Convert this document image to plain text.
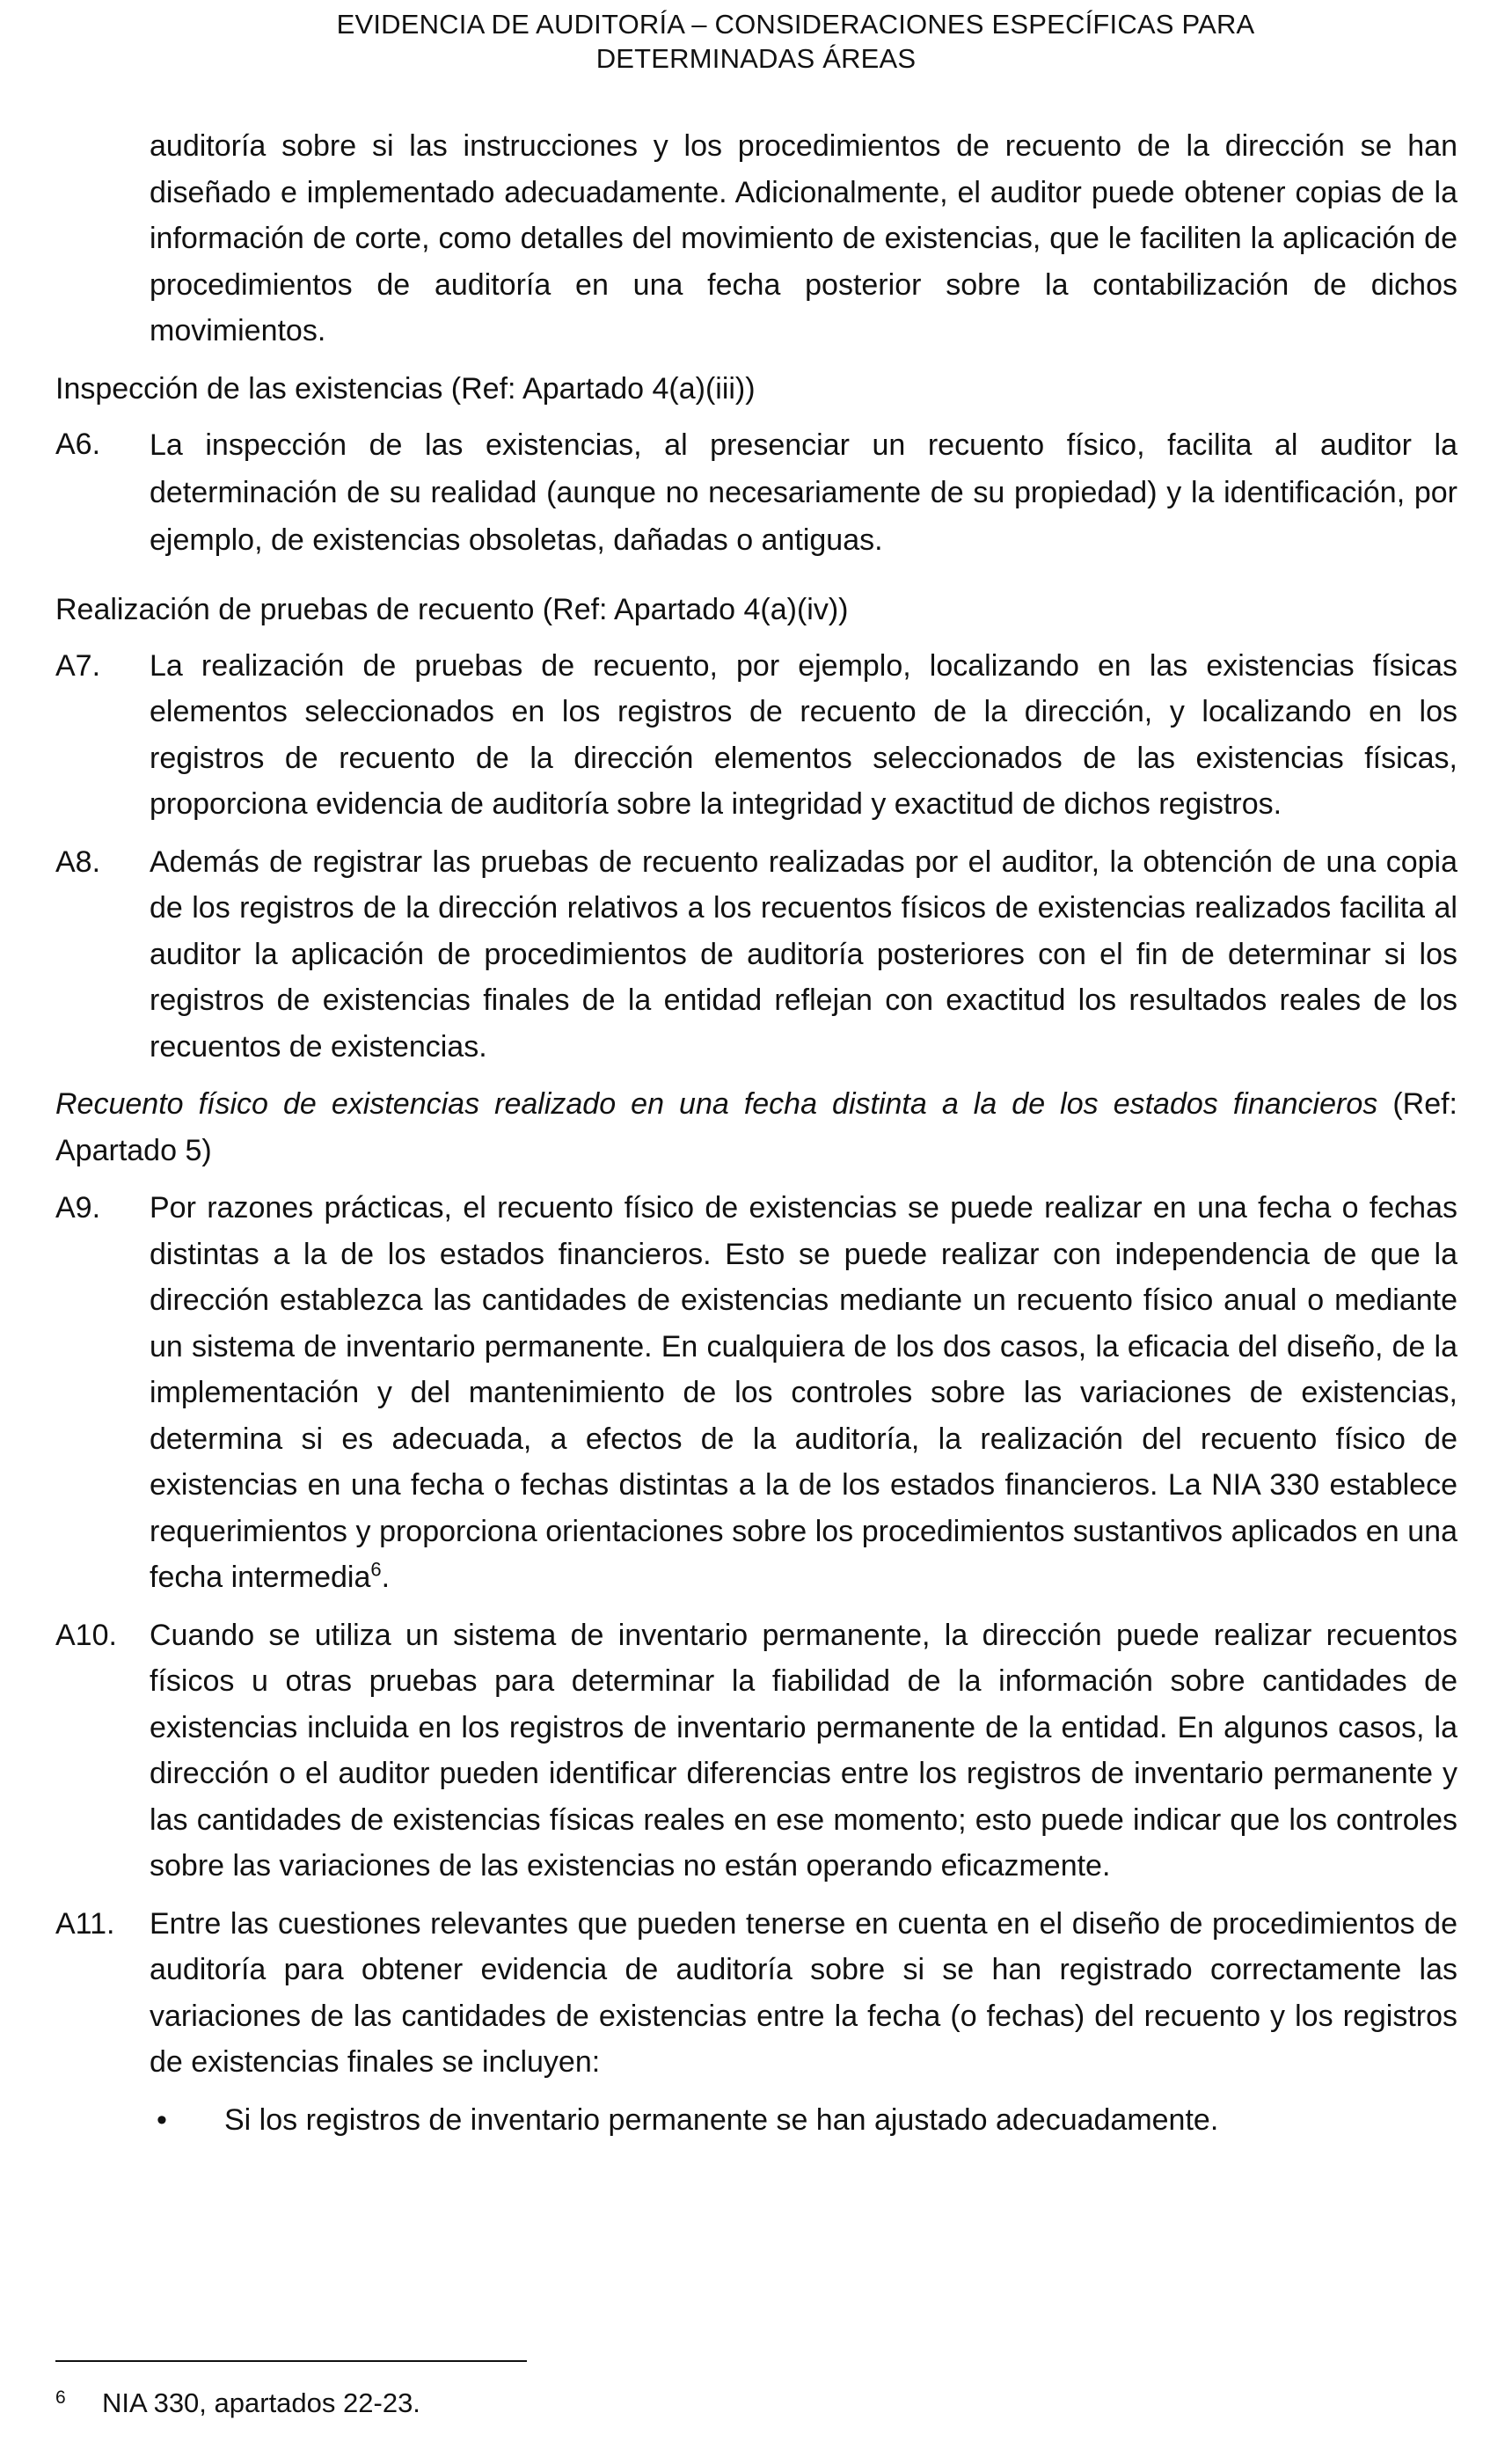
EVIDENCIA DE AUDITORÍA – CONSIDERACIONES ESPECÍFICAS PARA
DETERMINADAS ÁREAS

auditoría sobre si las instrucciones y los procedimientos de recuento de la dirección se han diseñado e implementado adecuadamente. Adicionalmente, el auditor puede obtener copias de la información de corte, como detalles del movimiento de existencias, que le faciliten la aplicación de procedimientos de auditoría en una fecha posterior sobre la contabilización de dichos movimientos.

Inspección de las existencias (Ref: Apartado 4(a)(iii))

A6.	La inspección de las existencias, al presenciar un recuento físico, facilita al auditor la determinación de su realidad (aunque no necesariamente de su propiedad) y la identificación, por ejemplo, de existencias obsoletas, dañadas o antiguas.

Realización de pruebas de recuento (Ref: Apartado 4(a)(iv))

A7.	La realización de pruebas de recuento, por ejemplo, localizando en las existencias físicas elementos seleccionados en los registros de recuento de la dirección, y localizando en los registros de recuento de la dirección elementos seleccionados de las existencias físicas, proporciona evidencia de auditoría sobre la integridad y exactitud de dichos registros.
A8.	Además de registrar las pruebas de recuento realizadas por el auditor, la obtención de una copia de los registros de la dirección relativos a los recuentos físicos de existencias realizados facilita al auditor la aplicación de procedimientos de auditoría posteriores con el fin de determinar si los registros de existencias finales de la entidad reflejan con exactitud los resultados reales de los recuentos de existencias.

Recuento físico de existencias realizado en una fecha distinta a la de los estados financieros (Ref: Apartado 5)

A9.	Por razones prácticas, el recuento físico de existencias se puede realizar en una fecha o fechas distintas a la de los estados financieros. Esto se puede realizar con independencia de que la dirección establezca las cantidades de existencias mediante un recuento físico anual o mediante un sistema de inventario permanente. En cualquiera de los dos casos, la eficacia del diseño, de la implementación y del mantenimiento de los controles sobre las variaciones de existencias, determina si es adecuada, a efectos de la auditoría, la realización del recuento físico de existencias en una fecha o fechas distintas a la de los estados financieros. La NIA 330 establece requerimientos y proporciona orientaciones sobre los procedimientos sustantivos aplicados en una fecha intermedia$^6$.
A10.	Cuando se utiliza un sistema de inventario permanente, la dirección puede realizar recuentos físicos u otras pruebas para determinar la fiabilidad de la información sobre cantidades de existencias incluida en los registros de inventario permanente de la entidad. En algunos casos, la dirección o el auditor pueden identificar diferencias entre los registros de inventario permanente y las cantidades de existencias físicas reales en ese momento; esto puede indicar que los controles sobre las variaciones de las existencias no están operando eficazmente.
A11.	Entre las cuestiones relevantes que pueden tenerse en cuenta en el diseño de procedimientos de auditoría para obtener evidencia de auditoría sobre si se han registrado correctamente las variaciones de las cantidades de existencias entre la fecha (o fechas) del recuento y los registros de existencias finales se incluyen:
•	Si los registros de inventario permanente se han ajustado adecuadamente.
6	NIA 330, apartados 22-23.
